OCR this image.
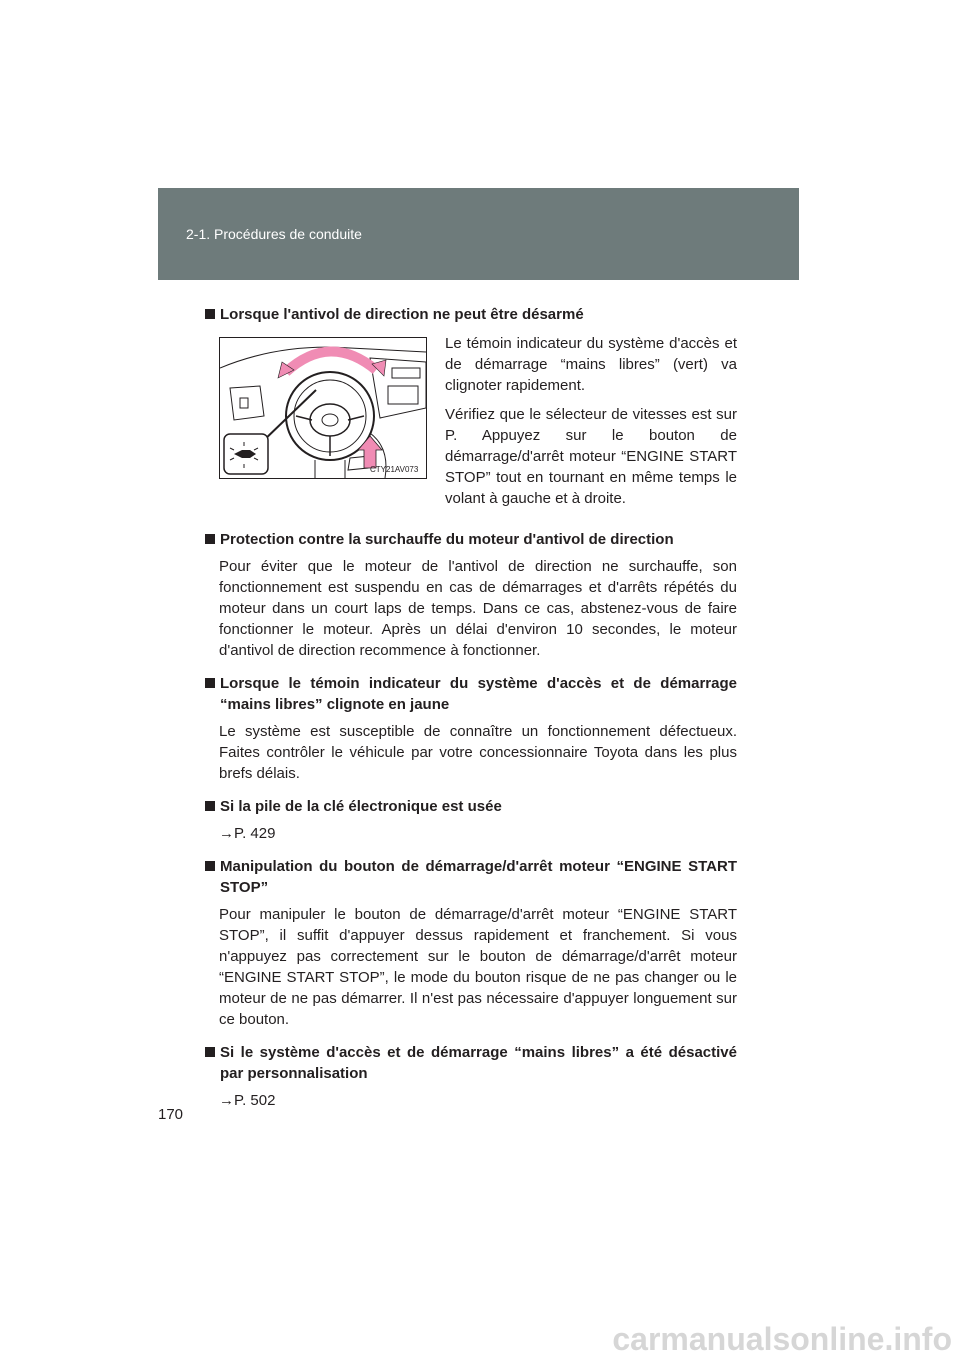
2-1. Procédures de conduite
Lorsque l'antivol de direction ne peut être désarmé
CTY21AV073

Le témoin indicateur du système d'accès et de démarrage “mains libres” (vert) va clignoter rapidement.

Vérifiez que le sélecteur de vitesses est sur P. Appuyez sur le bouton de démarrage/d'arrêt moteur “ENGINE START STOP” tout en tournant en même temps le volant à gauche et à droite.

Protection contre la surchauffe du moteur d'antivol de direction
Pour éviter que le moteur de l'antivol de direction ne surchauffe, son fonctionnement est suspendu en cas de démarrages et d'arrêts répétés du moteur dans un court laps de temps. Dans ce cas, abstenez-vous de faire fonctionner le moteur. Après un délai d'environ 10 secondes, le moteur d'antivol de direction recommence à fonctionner.
Lorsque le témoin indicateur du système d'accès et de démarrage “mains libres” clignote en jaune
Le système est susceptible de connaître un fonctionnement défectueux. Faites contrôler le véhicule par votre concessionnaire Toyota dans les plus brefs délais.
Si la pile de la clé électronique est usée
→P. 429
Manipulation du bouton de démarrage/d'arrêt moteur “ENGINE START STOP”
Pour manipuler le bouton de démarrage/d'arrêt moteur “ENGINE START STOP”, il suffit d'appuyer dessus rapidement et franchement. Si vous n'appuyez pas correctement sur le bouton de démarrage/d'arrêt moteur “ENGINE START STOP”, le mode du bouton risque de ne pas changer ou le moteur de ne pas démarrer. Il n'est pas nécessaire d'appuyer longuement sur ce bouton.
Si le système d'accès et de démarrage “mains libres” a été désactivé par personnalisation
→P. 502
170
carmanualsonline.info
